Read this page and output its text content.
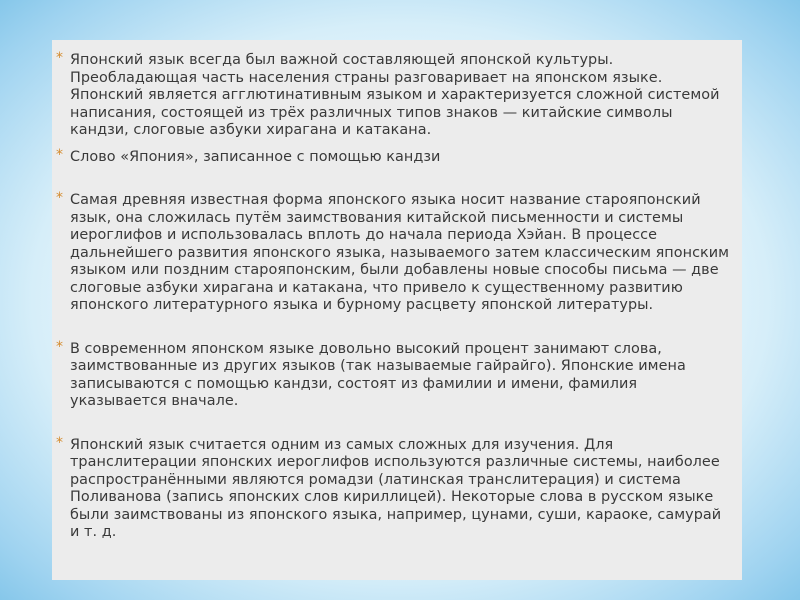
* Японский язык всегда был важной составляющей японской культуры. Преобладающая часть населения страны разговаривает на японском языке. Японский является агглютинативным языком и характеризуется сложной системой написания, состоящей из трёх различных типов знаков — китайские символы кандзи, слоговые азбуки хирагана и катакана.
* Слово «Япония», записанное с помощью кандзи
* Самая древняя известная форма японского языка носит название старояпонский язык, она сложилась путём заимствования китайской письменности и системы иероглифов и использовалась вплоть до начала периода Хэйан. В процессе дальнейшего развития японского языка, называемого затем классическим японским языком или поздним старояпонским, были добавлены новые способы письма — две слоговые азбуки хирагана и катакана, что привело к существенному развитию японского литературного языка и бурному расцвету японской литературы.
* В современном японском языке довольно высокий процент занимают слова, заимствованные из других языков (так называемые гайрайго). Японские имена записываются с помощью кандзи, состоят из фамилии и имени, фамилия указывается вначале.
* Японский язык считается одним из самых сложных для изучения. Для транслитерации японских иероглифов используются различные системы, наиболее распространёнными являются ромадзи (латинская транслитерация) и система Поливанова (запись японских слов кириллицей). Некоторые слова в русском языке были заимствованы из японского языка, например, цунами, суши, караоке, самурай и т. д.
